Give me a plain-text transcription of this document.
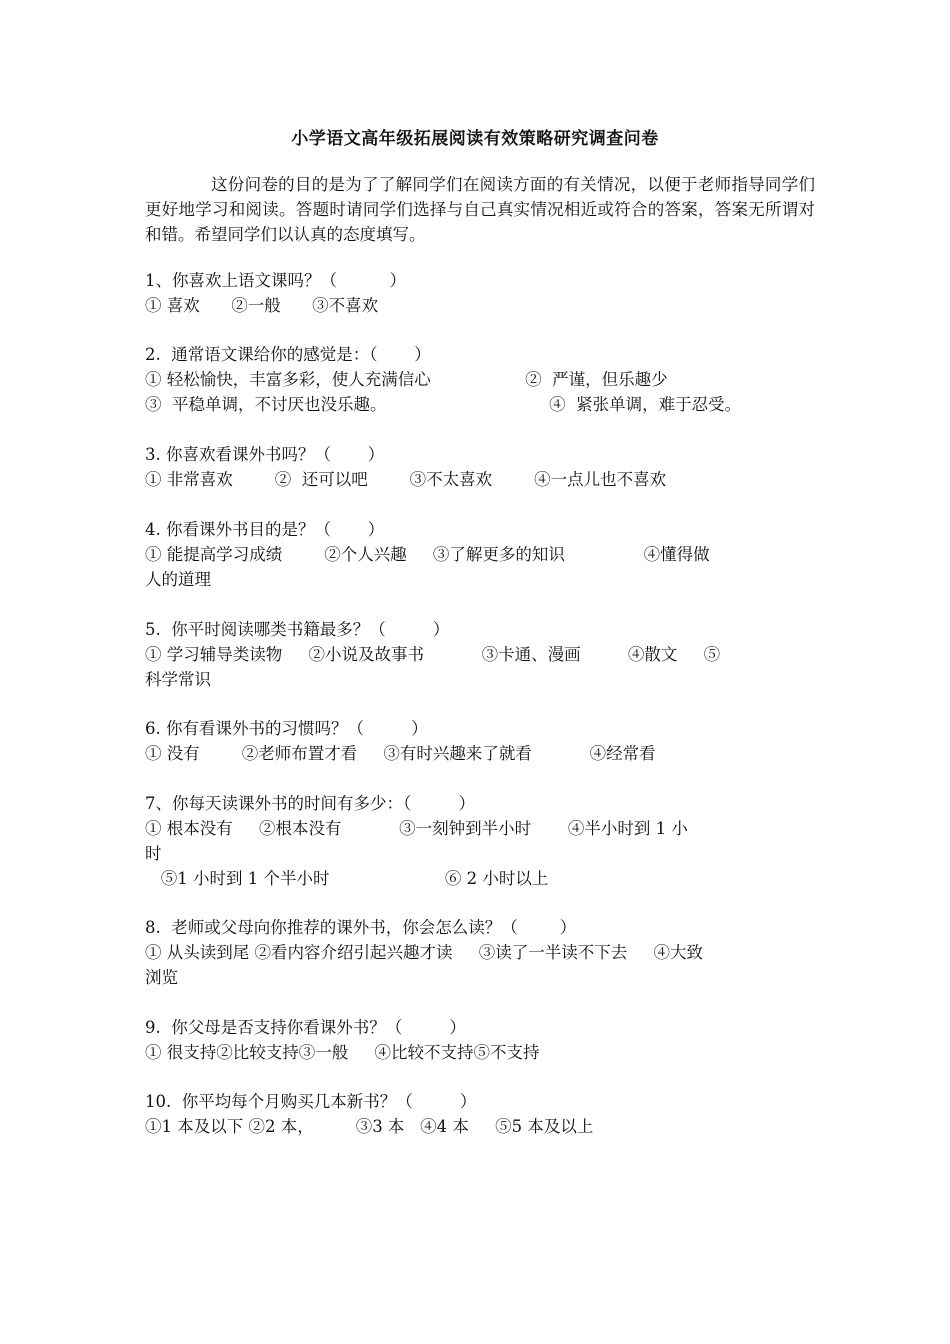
小学语文高年级拓展阅读有效策略研究调查问卷

这份问卷的目的是为了了解同学们在阅读方面的有关情况，以便于老师指导同学们更好地学习和阅读。答题时请同学们选择与自己真实情况相近或符合的答案，答案无所谓对和错。希望同学们以认真的态度填写。

1、你喜欢上语文课吗？（          ）
① 喜欢      ②一般      ③不喜欢
2.  通常语文课给你的感觉是：（       ）
① 轻松愉快，丰富多彩，使人充满信心                  ②  严谨，但乐趣少
③  平稳单调，不讨厌也没乐趣。                               ④  紧张单调，难于忍受。
3. 你喜欢看课外书吗？（       ）
① 非常喜欢        ②  还可以吧        ③不太喜欢        ④一点儿也不喜欢
4. 你看课外书目的是？（       ）
① 能提高学习成绩        ②个人兴趣     ③了解更多的知识               ④懂得做
人的道理
5.  你平时阅读哪类书籍最多？（         ）
① 学习辅导类读物     ②小说及故事书           ③卡通、漫画         ④散文     ⑤
科学常识
6. 你有看课外书的习惯吗？（         ）
① 没有        ②老师布置才看     ③有时兴趣来了就看           ④经常看
7、你每天读课外书的时间有多少：（         ）
① 根本没有     ②根本没有           ③一刻钟到半小时       ④半小时到 1 小
时
⑤1 小时到 1 个半小时                      ⑥ 2 小时以上
8.  老师或父母向你推荐的课外书，你会怎么读？（        ）
① 从头读到尾 ②看内容介绍引起兴趣才读     ③读了一半读不下去     ④大致
浏览
9.  你父母是否支持你看课外书？（         ）
① 很支持②比较支持③一般     ④比较不支持⑤不支持
10.  你平均每个月购买几本新书？（         ）
①1 本及以下 ②2 本，        ③3 本   ④4 本     ⑤5 本及以上
